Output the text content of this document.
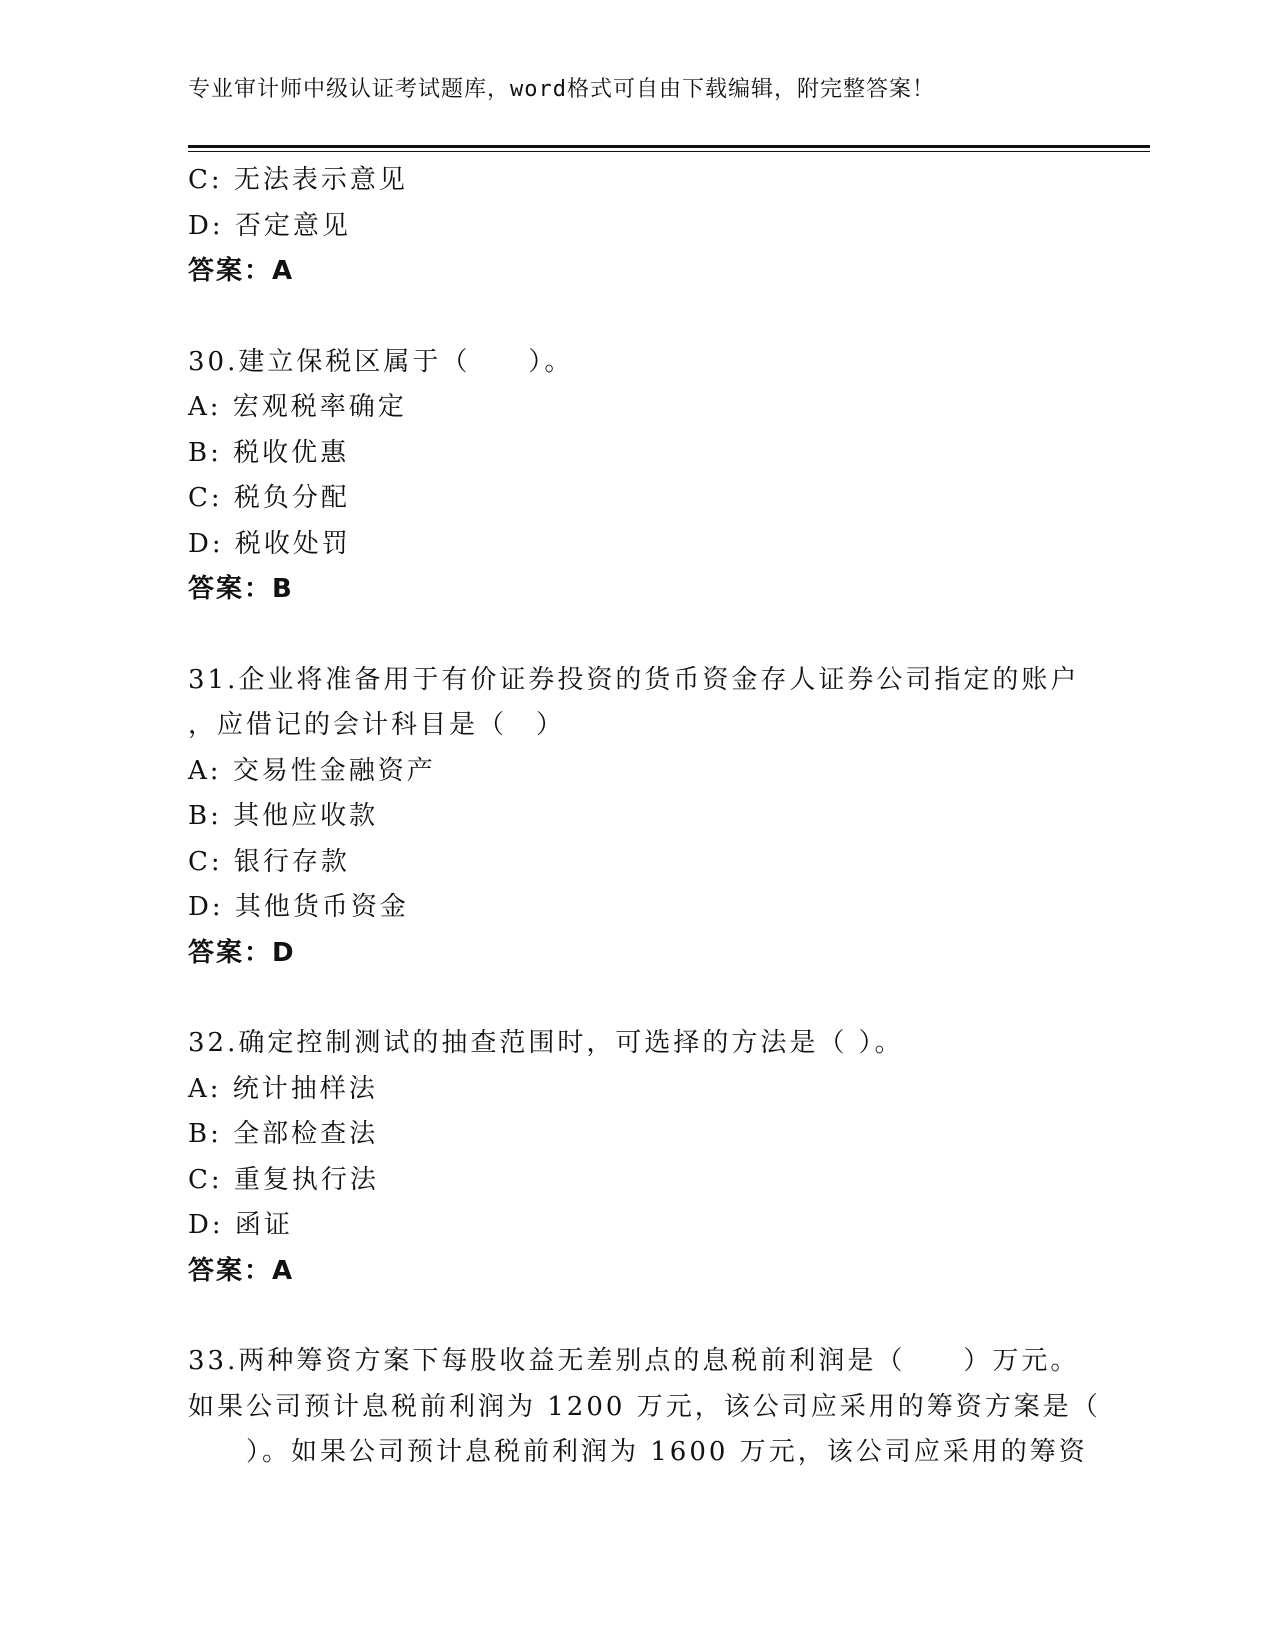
专业审计师中级认证考试题库，word格式可自由下载编辑，附完整答案！
C: 无法表示意见
D: 否定意见
答案：A
30.建立保税区属于（　　）。
A: 宏观税率确定
B: 税收优惠
C: 税负分配
D: 税收处罚
答案：B
31.企业将准备用于有价证券投资的货币资金存人证券公司指定的账户
，应借记的会计科目是（　）
A: 交易性金融资产
B: 其他应收款
C: 银行存款
D: 其他货币资金
答案：D
32.确定控制测试的抽查范围时，可选择的方法是（ ）。
A: 统计抽样法
B: 全部检查法
C: 重复执行法
D: 函证
答案：A
33.两种筹资方案下每股收益无差别点的息税前利润是（　　）万元。
如果公司预计息税前利润为 1200 万元，该公司应采用的筹资方案是（
　　）。如果公司预计息税前利润为 1600 万元，该公司应采用的筹资
